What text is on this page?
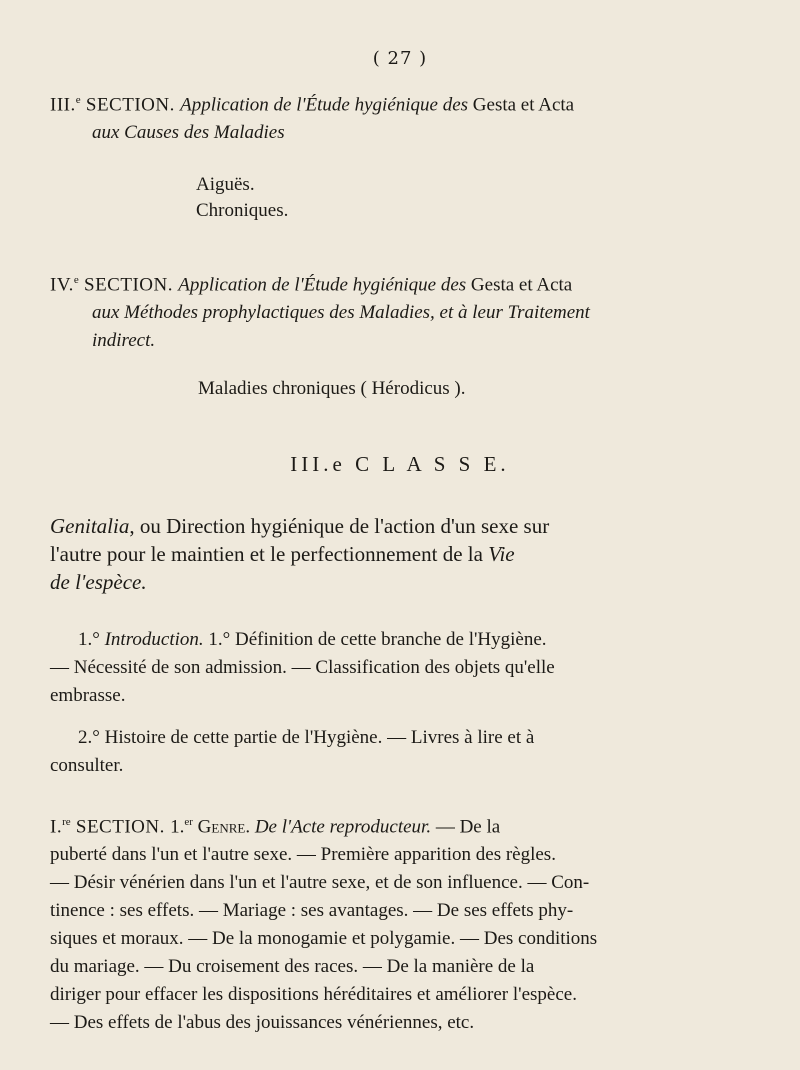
( 27 )
III.$^e$ SECTION. Application de l'Étude hygiénique des Gesta et Acta
aux Causes des Maladies
Aiguës.
Chroniques.
IV.$^e$ SECTION. Application de l'Étude hygiénique des Gesta et Acta
aux Méthodes prophylactiques des Maladies, et à leur Traitement
indirect.
Maladies chroniques ( Hérodicus ).
III.e C L A S S E.
Genitalia, ou Direction hygiénique de l'action d'un sexe sur
l'autre pour le maintien et le perfectionnement de la Vie
de l'espèce.
1.° Introduction. 1.° Définition de cette branche de l'Hygiène.
— Nécessité de son admission. — Classification des objets qu'elle
embrasse.
2.° Histoire de cette partie de l'Hygiène. — Livres à lire et à
consulter.
I.$^{re}$ SECTION. 1.$^{er}$ Genre. De l'Acte reproducteur. — De la
puberté dans l'un et l'autre sexe. — Première apparition des règles.
— Désir vénérien dans l'un et l'autre sexe, et de son influence. — Con-
tinence : ses effets. — Mariage : ses avantages. — De ses effets phy-
siques et moraux. — De la monogamie et polygamie. — Des conditions
du mariage. — Du croisement des races. — De la manière de la
diriger pour effacer les dispositions héréditaires et améliorer l'espèce.
— Des effets de l'abus des jouissances vénériennes, etc.
